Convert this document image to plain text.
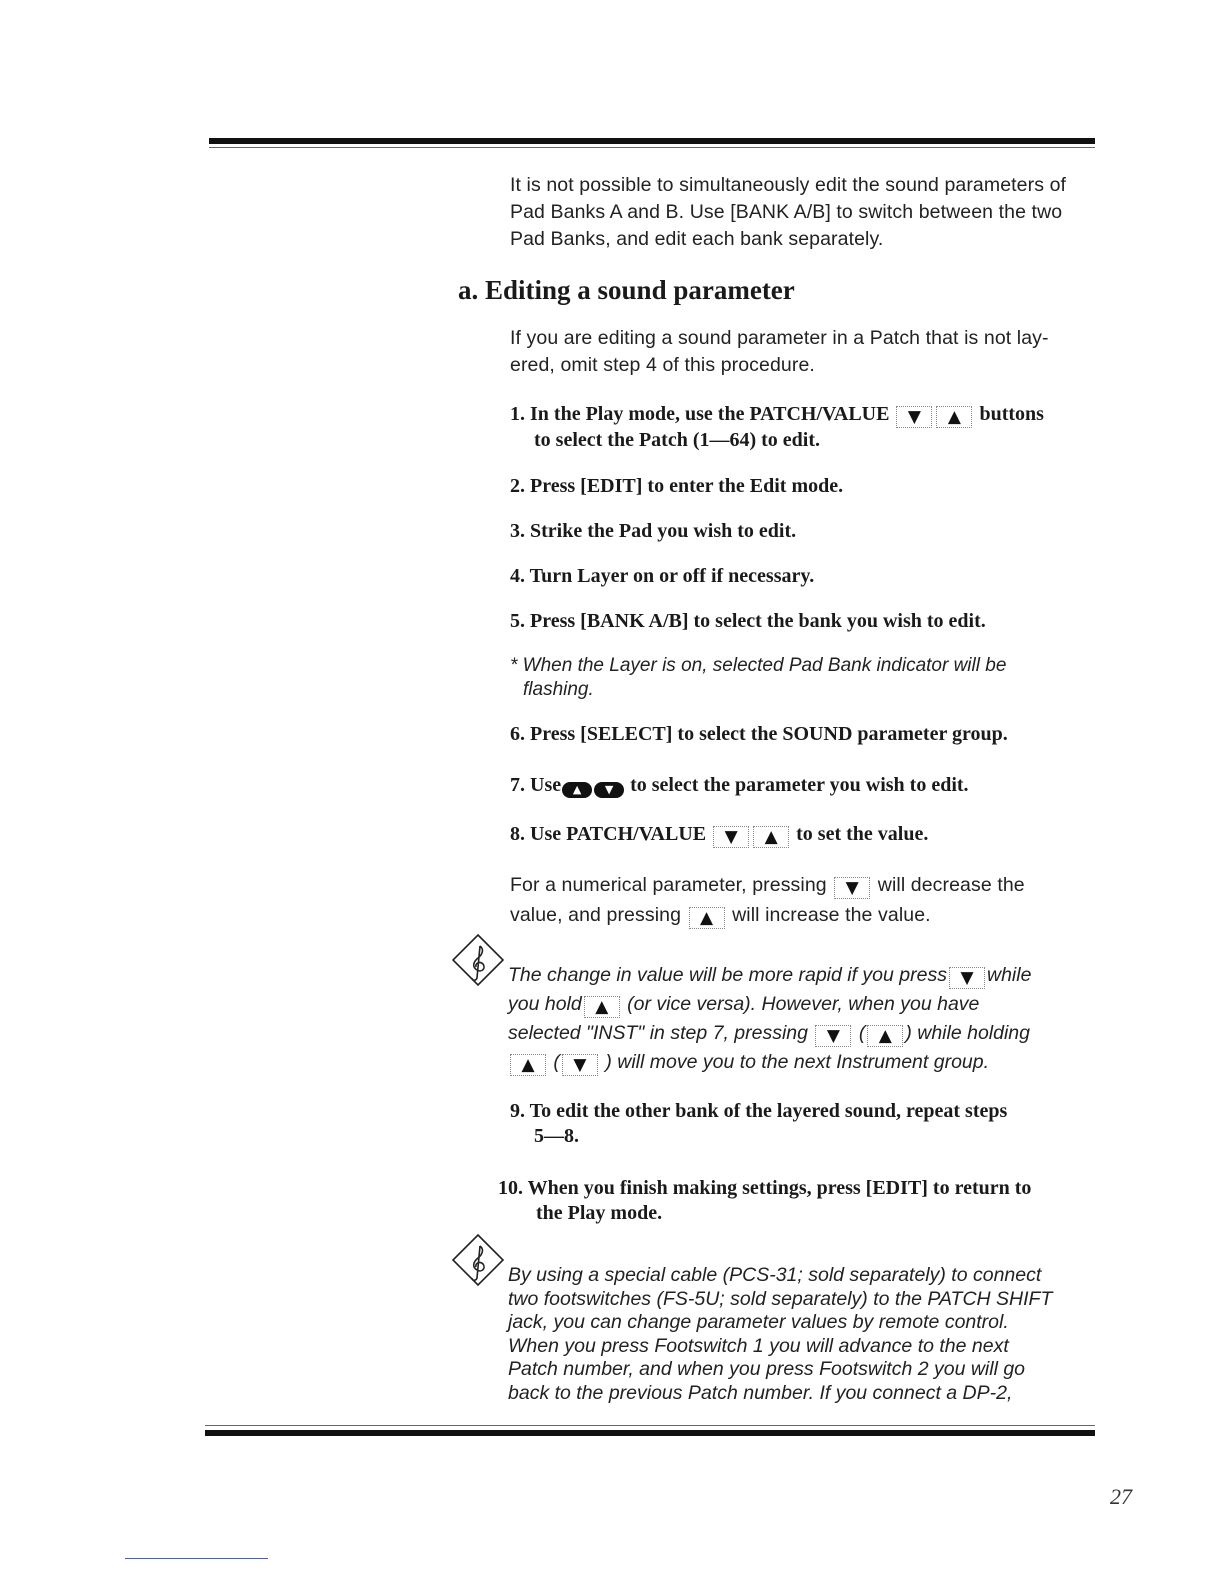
It is not possible to simultaneously edit the sound parameters of
Pad Banks A and B. Use [BANK A/B] to switch between the two
Pad Banks, and edit each bank separately.
a. Editing a sound parameter
If you are editing a sound parameter in a Patch that is not lay-
ered, omit step 4 of this procedure.
1. In the Play mode, use the PATCH/VALUE ▼ ▲ buttons
to select the Patch (1—64) to edit.
2. Press [EDIT] to enter the Edit mode.
3. Strike the Pad you wish to edit.
4. Turn Layer on or off if necessary.
5. Press [BANK A/B] to select the bank you wish to edit.
* When the Layer is on, selected Pad Bank indicator will be
flashing.
6. Press [SELECT] to select the SOUND parameter group.
7. Use ▲ ▼ to select the parameter you wish to edit.
8. Use PATCH/VALUE ▼ ▲ to set the value.
For a numerical parameter, pressing ▼ will decrease the
value, and pressing ▲ will increase the value.
The change in value will be more rapid if you press ▼ while
you hold ▲ (or vice versa). However, when you have
selected "INST" in step 7, pressing ▼ ( ▲ ) while holding
▲ ( ▼ ) will move you to the next Instrument group.
9. To edit the other bank of the layered sound, repeat steps
5—8.
10. When you finish making settings, press [EDIT] to return to
the Play mode.
By using a special cable (PCS-31; sold separately) to connect
two footswitches (FS-5U; sold separately) to the PATCH SHIFT
jack, you can change parameter values by remote control.
When you press Footswitch 1 you will advance to the next
Patch number, and when you press Footswitch 2 you will go
back to the previous Patch number. If you connect a DP-2,
27
